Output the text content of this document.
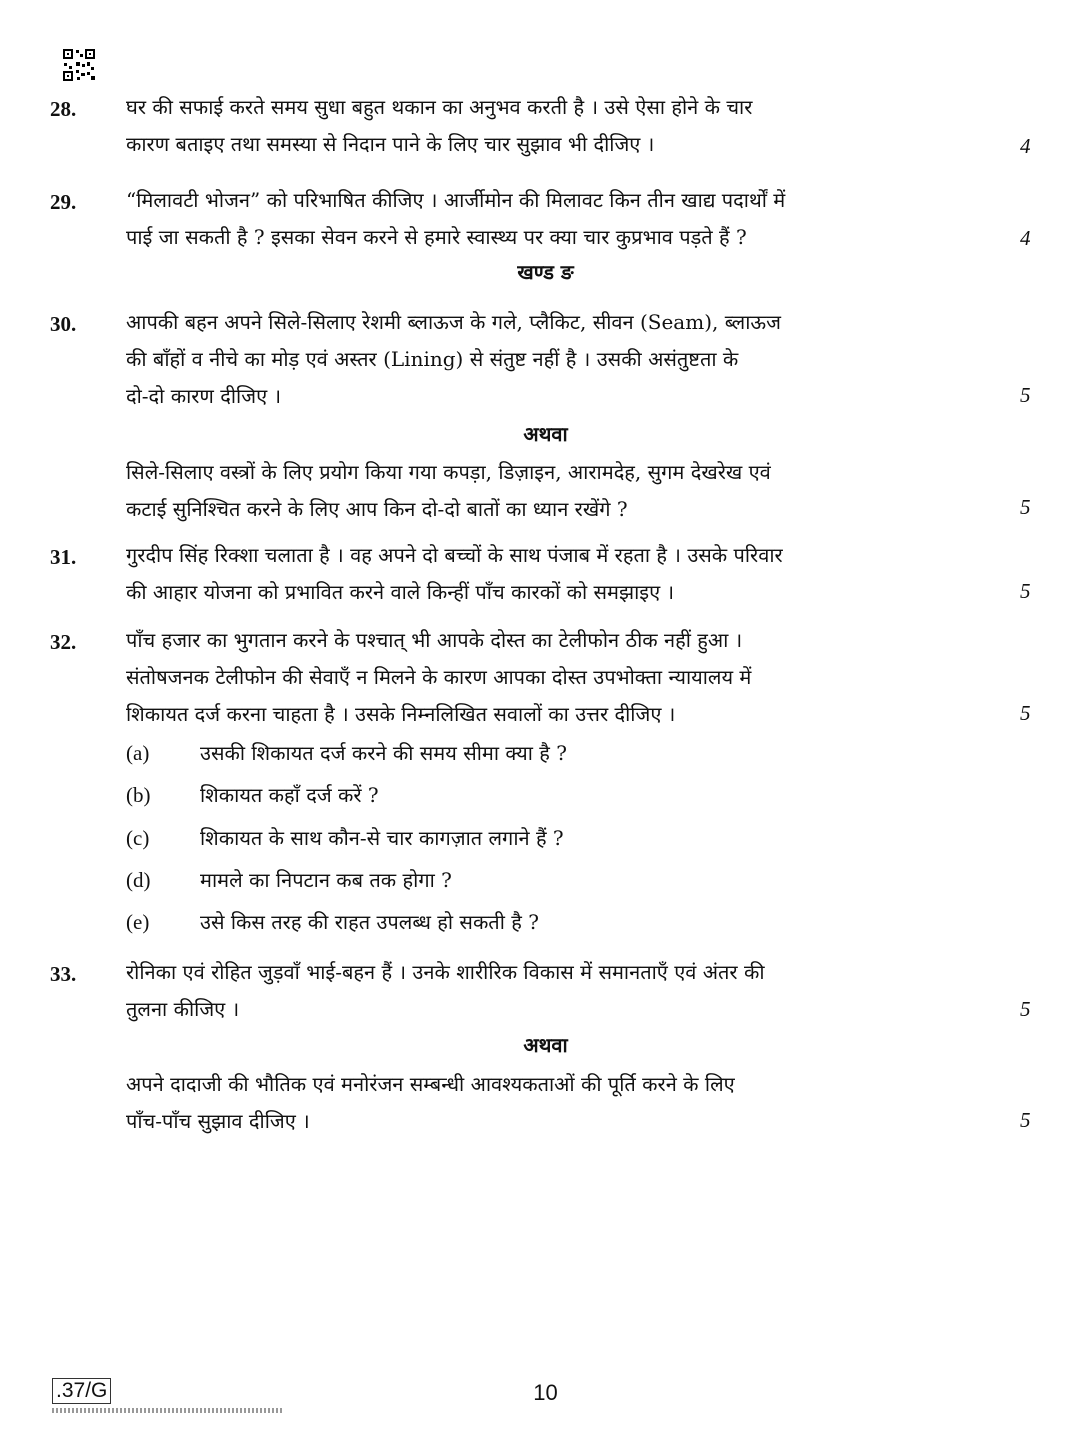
28. घर की सफाई करते समय सुधा बहुत थकान का अनुभव करती है । उसे ऐसा होने के चार
कारण बताइए तथा समस्या से निदान पाने के लिए चार सुझाव भी दीजिए ।	4
29. “मिलावटी भोजन” को परिभाषित कीजिए । आर्जीमोन की मिलावट किन तीन खाद्य पदार्थों में
पाई जा सकती है ? इसका सेवन करने से हमारे स्वास्थ्य पर क्या चार कुप्रभाव पड़ते हैं ?	4
खण्ड ङ
30. आपकी बहन अपने सिले-सिलाए रेशमी ब्लाऊज के गले, प्लैकिट, सीवन (Seam), ब्लाऊज
की बाँहों व नीचे का मोड़ एवं अस्तर (Lining) से संतुष्ट नहीं है । उसकी असंतुष्टता के
दो-दो कारण दीजिए ।	5
अथवा
सिले-सिलाए वस्त्रों के लिए प्रयोग किया गया कपड़ा, डिज़ाइन, आरामदेह, सुगम देखरेख एवं
कटाई सुनिश्चित करने के लिए आप किन दो-दो बातों का ध्यान रखेंगे ?	5
31. गुरदीप सिंह रिक्शा चलाता है । वह अपने दो बच्चों के साथ पंजाब में रहता है । उसके परिवार
की आहार योजना को प्रभावित करने वाले किन्हीं पाँच कारकों को समझाइए ।	5
32. पाँच हजार का भुगतान करने के पश्चात् भी आपके दोस्त का टेलीफोन ठीक नहीं हुआ ।
संतोषजनक टेलीफोन की सेवाएँ न मिलने के कारण आपका दोस्त उपभोक्ता न्यायालय में
शिकायत दर्ज करना चाहता है । उसके निम्नलिखित सवालों का उत्तर दीजिए ।	5
(a)	उसकी शिकायत दर्ज करने की समय सीमा क्या है ?
(b) शिकायत कहाँ दर्ज करें ?
(c)	शिकायत के साथ कौन-से चार कागज़ात लगाने हैं ?
(d) मामले का निपटान कब तक होगा ?
(e)	उसे किस तरह की राहत उपलब्ध हो सकती है ?
33. रोनिका एवं रोहित जुड़वाँ भाई-बहन हैं । उनके शारीरिक विकास में समानताएँ एवं अंतर की
तुलना कीजिए ।	5
अथवा
अपने दादाजी की भौतिक एवं मनोरंजन सम्बन्धी आवश्यकताओं की पूर्ति करने के लिए
पाँच-पाँच सुझाव दीजिए ।	5
.37/G	10
